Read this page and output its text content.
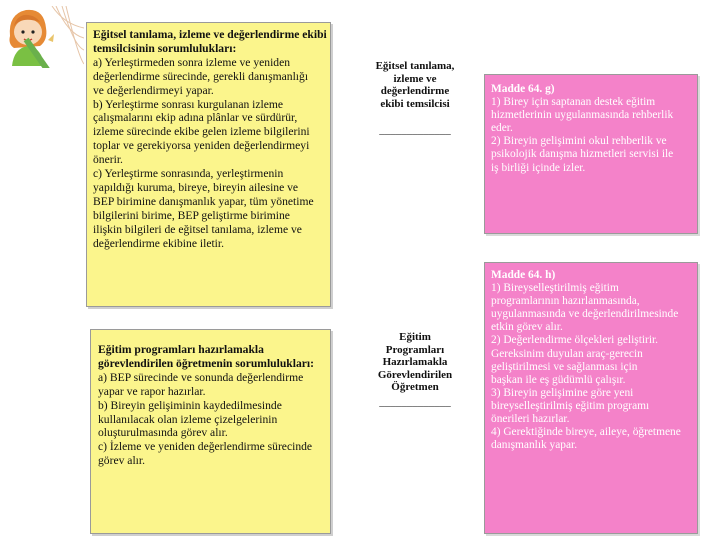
Eğitsel tanılama, izleme ve değerlendirme ekibi temsilcisinin sorumlulukları:
a) Yerleştirmeden sonra izleme ve yeniden
değerlendirme sürecinde, gerekli danışmanlığı
ve değerlendirmeyi yapar.
b) Yerleştirme sonrası kurgulanan izleme
çalışmalarını ekip adına plânlar ve sürdürür,
izleme sürecinde ekibe gelen izleme bilgilerini
toplar ve gerekiyorsa yeniden değerlendirmeyi
önerir.
c) Yerleştirme sonrasında, yerleştirmenin
yapıldığı kuruma, bireye, bireyin ailesine ve
BEP birimine danışmanlık yapar, tüm yönetime
bilgilerini birime, BEP geliştirme birimine
ilişkin bilgileri de eğitsel tanılama, izleme ve
değerlendirme ekibine iletir.
Eğitim programları hazırlamakla görevlendirilen öğretmenin sorumlulukları:
a) BEP sürecinde ve sonunda değerlendirme
yapar ve rapor hazırlar.
b) Bireyin gelişiminin kaydedilmesinde
kullanılacak olan izleme çizelgelerinin
oluşturulmasında görev alır.
c) İzleme ve yeniden değerlendirme sürecinde
görev alır.
Eğitsel tanılama,
izleme ve
değerlendirme
ekibi temsilcisi
_____________
Eğitim
Programları
Hazırlamakla
Görevlendirilen
Öğretmen
_____________
Madde 64. g)
1) Birey için saptanan destek eğitim
hizmetlerinin uygulanmasında rehberlik
eder.
2) Bireyin gelişimini okul rehberlik ve
psikolojik danışma hizmetleri servisi ile
iş birliği içinde izler.
Madde 64. h)
1) Bireyselleştirilmiş eğitim
programlarının hazırlanmasında,
uygulanmasında ve değerlendirilmesinde
etkin görev alır.
2) Değerlendirme ölçekleri geliştirir.
Gereksinim duyulan araç-gerecin
geliştirilmesi ve sağlanması için
başkan ile eş güdümlü çalışır.
3) Bireyin gelişimine göre yeni
bireyselleştirilmiş eğitim programı
önerileri hazırlar.
4) Gerektiğinde bireye, aileye, öğretmene
danışmanlık yapar.
